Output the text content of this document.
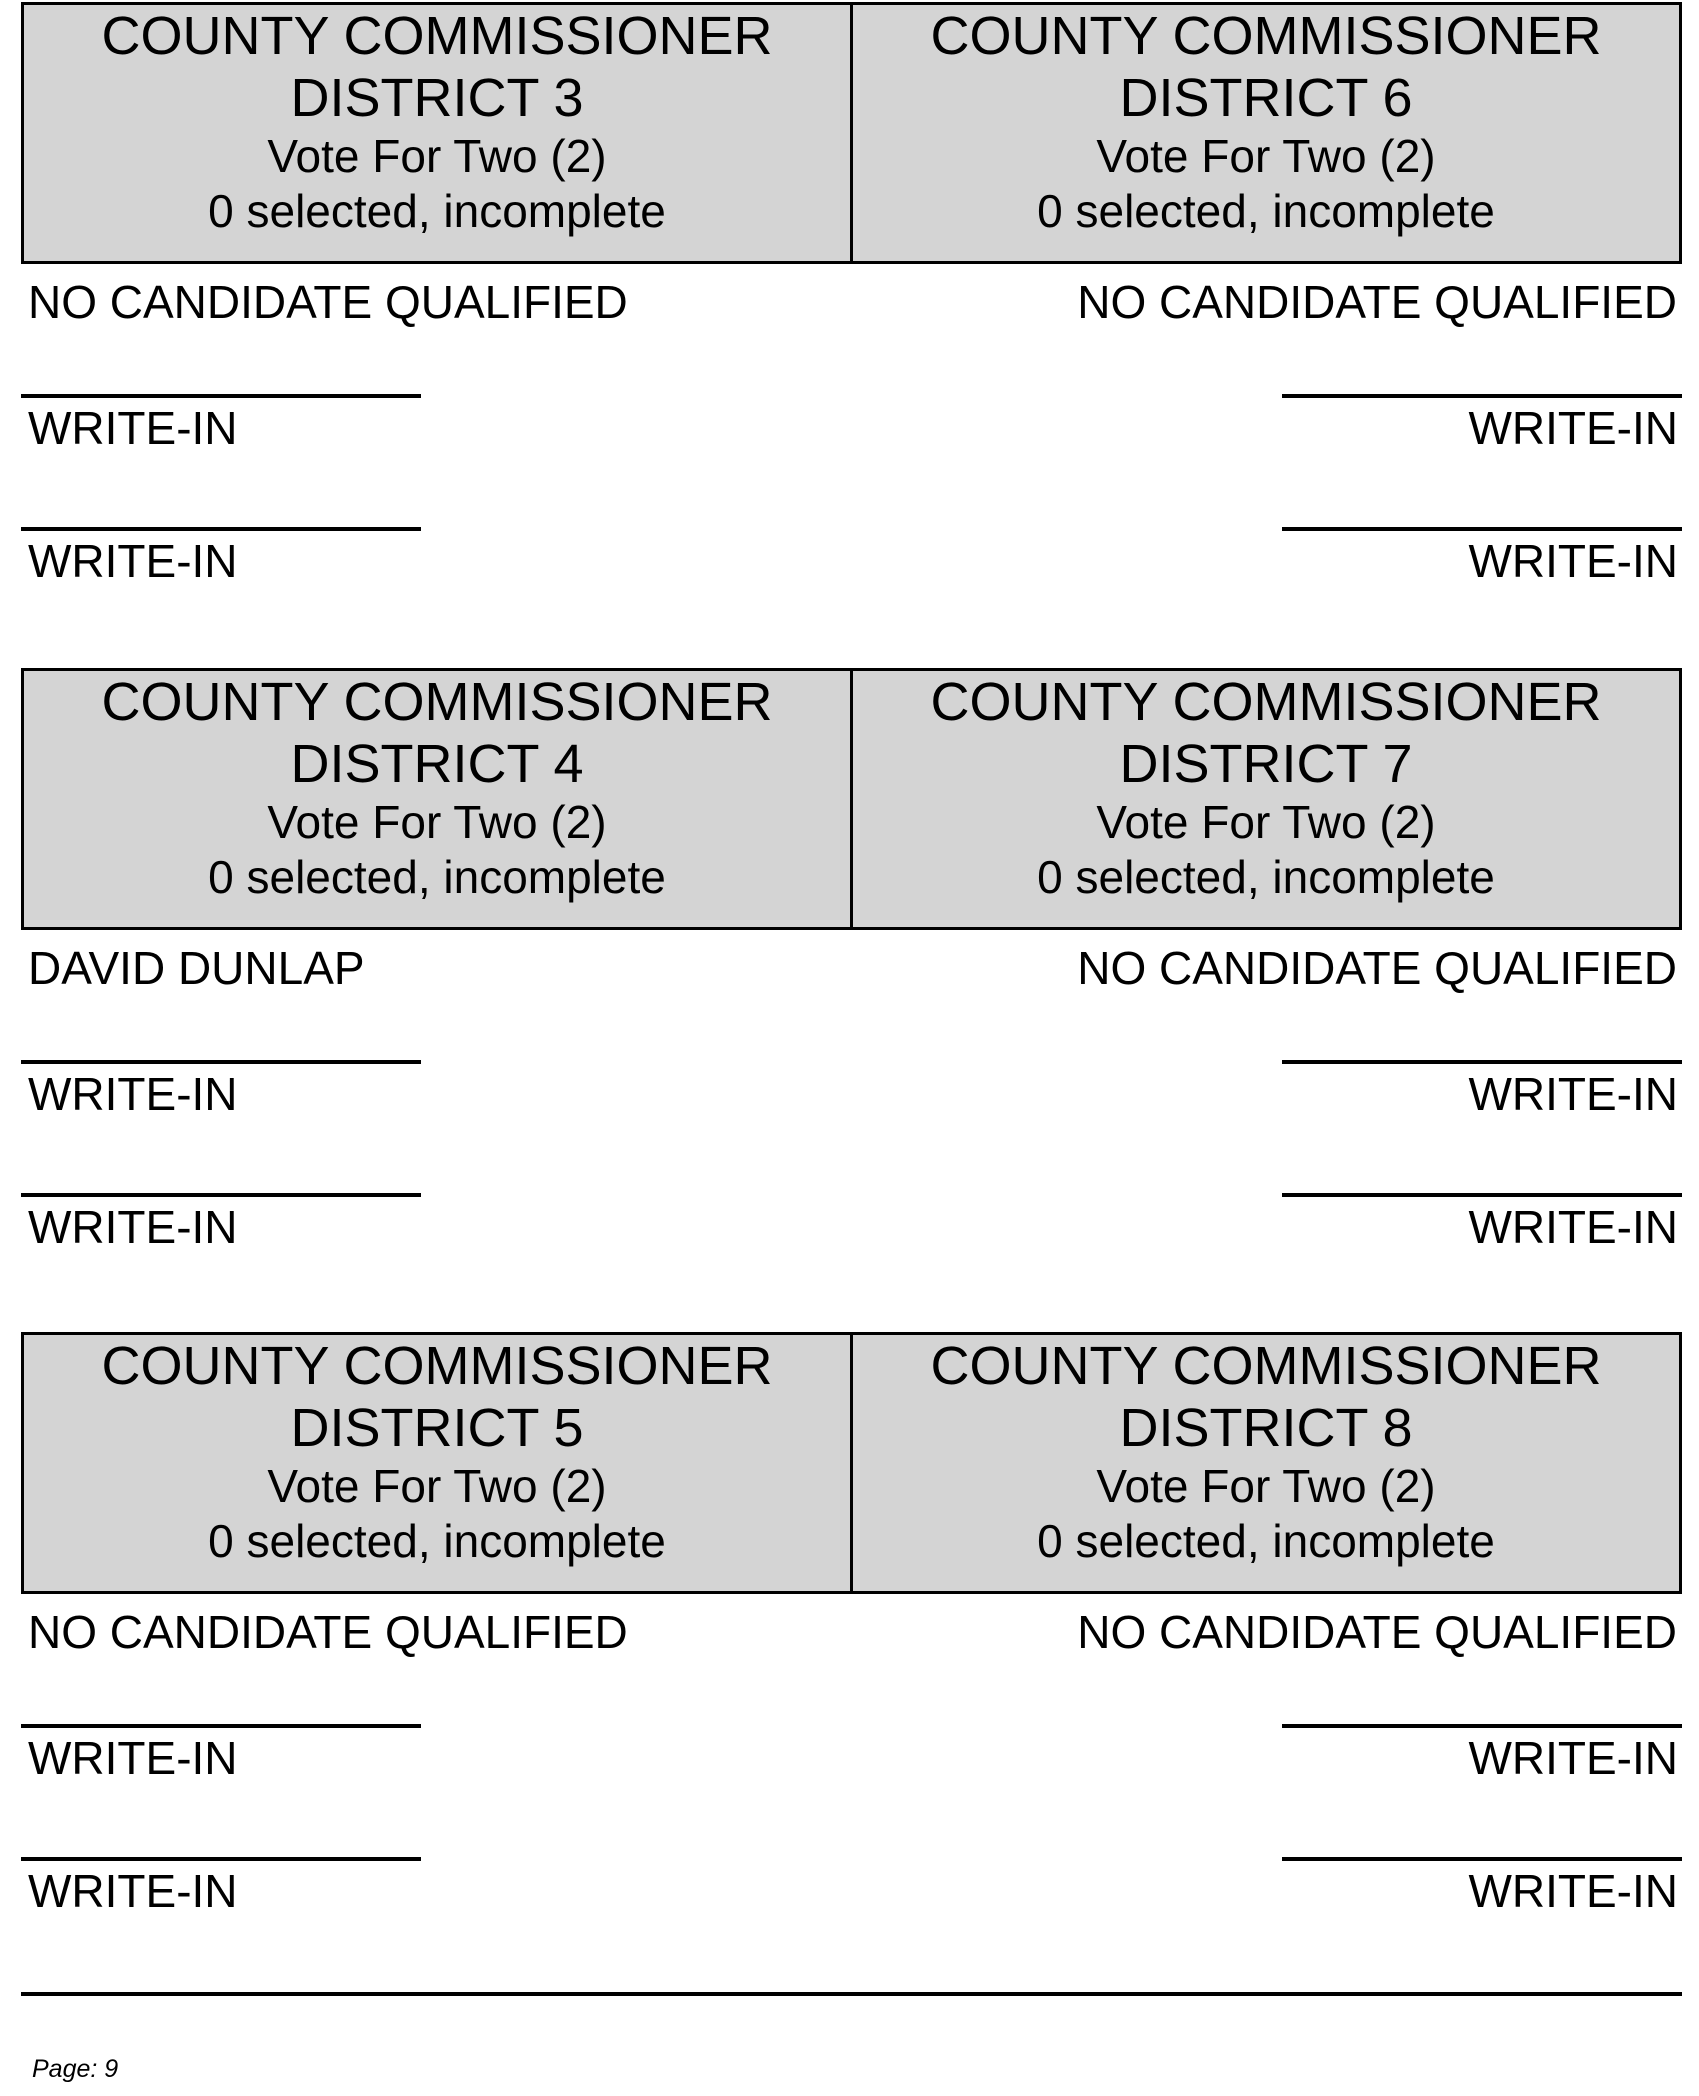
COUNTY COMMISSIONER
DISTRICT 3
Vote For Two (2)
0 selected, incomplete
COUNTY COMMISSIONER
DISTRICT 6
Vote For Two (2)
0 selected, incomplete
NO CANDIDATE QUALIFIED
WRITE-IN
WRITE-IN
NO CANDIDATE QUALIFIED
WRITE-IN
WRITE-IN
COUNTY COMMISSIONER
DISTRICT 4
Vote For Two (2)
0 selected, incomplete
COUNTY COMMISSIONER
DISTRICT 7
Vote For Two (2)
0 selected, incomplete
DAVID DUNLAP
WRITE-IN
WRITE-IN
NO CANDIDATE QUALIFIED
WRITE-IN
WRITE-IN
COUNTY COMMISSIONER
DISTRICT 5
Vote For Two (2)
0 selected, incomplete
COUNTY COMMISSIONER
DISTRICT 8
Vote For Two (2)
0 selected, incomplete
NO CANDIDATE QUALIFIED
WRITE-IN
WRITE-IN
NO CANDIDATE QUALIFIED
WRITE-IN
WRITE-IN
Page: 9
